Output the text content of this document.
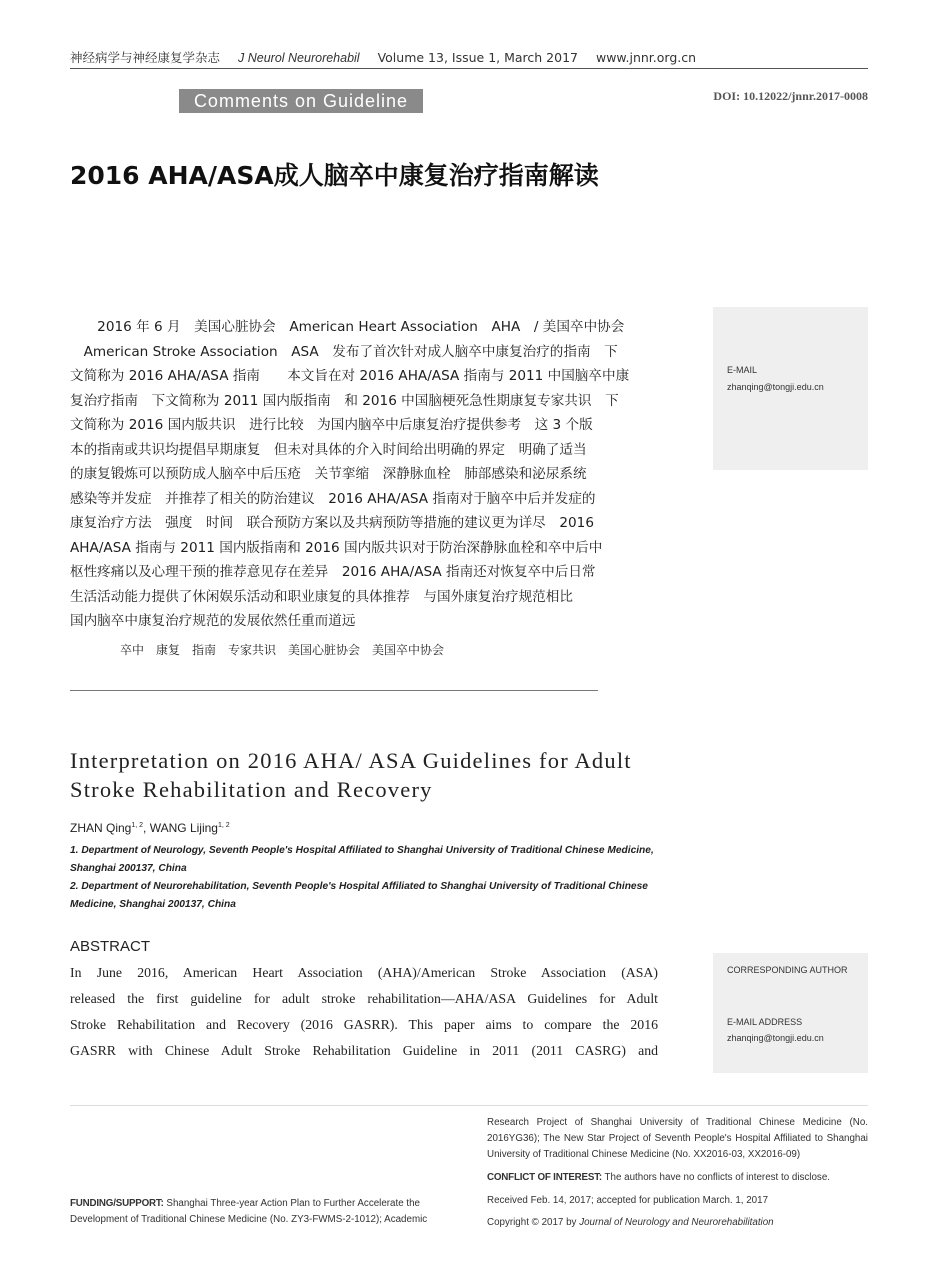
神经病学与神经康复学杂志 J Neurol Neurorehabil Volume 13, Issue 1, March 2017 www.jnnr.org.cn
Comments on Guideline	DOI: 10.12022/jnnr.2017-0008
2016 AHA/ASA成人脑卒中康复治疗指南解读
　　2016 年 6 月　美国心脏协会　American Heart Association　AHA　/ 美国卒中协会
　American Stroke Association　ASA　发布了首次针对成人脑卒中康复治疗的指南　下
文简称为 2016 AHA/ASA 指南　　本文旨在对 2016 AHA/ASA 指南与 2011 中国脑卒中康
复治疗指南　下文简称为 2011 国内版指南　和 2016 中国脑梗死急性期康复专家共识　下
文简称为 2016 国内版共识　进行比较　为国内脑卒中后康复治疗提供参考　这 3 个版
本的指南或共识均提倡早期康复　但未对具体的介入时间给出明确的界定　明确了适当
的康复锻炼可以预防成人脑卒中后压疮　关节挛缩　深静脉血栓　肺部感染和泌尿系统
感染等并发症　并推荐了相关的防治建议　2016 AHA/ASA 指南对于脑卒中后并发症的
康复治疗方法　强度　时间　联合预防方案以及共病预防等措施的建议更为详尽　2016
AHA/ASA 指南与 2011 国内版指南和 2016 国内版共识对于防治深静脉血栓和卒中后中
枢性疼痛以及心理干预的推荐意见存在差异　2016 AHA/ASA 指南还对恢复卒中后日常
生活活动能力提供了休闲娱乐活动和职业康复的具体推荐　与国外康复治疗规范相比
国内脑卒中康复治疗规范的发展依然任重而道远
卒中　康复　指南　专家共识　美国心脏协会　美国卒中协会
E-MAIL
zhanqing@tongji.edu.cn
Interpretation on 2016 AHA/ ASA Guidelines for Adult
Stroke Rehabilitation and Recovery
ZHAN Qing$^{1, 2}$, WANG Lijing$^{1, 2}$
1. Department of Neurology, Seventh People's Hospital Affiliated to Shanghai University of Traditional Chinese Medicine, Shanghai 200137, China
2. Department of Neurorehabilitation, Seventh People's Hospital Affiliated to Shanghai University of Traditional Chinese Medicine, Shanghai 200137, China
ABSTRACT
In June 2016, American Heart Association (AHA)/American Stroke Association (ASA)
released the first guideline for adult stroke rehabilitation—AHA/ASA Guidelines for Adult
Stroke Rehabilitation and Recovery (2016 GASRR). This paper aims to compare the 2016
GASRR with Chinese Adult Stroke Rehabilitation Guideline in 2011 (2011 CASRG) and
CORRESPONDING AUTHOR
E-MAIL ADDRESS
zhanqing@tongji.edu.cn
FUNDING/SUPPORT: Shanghai Three-year Action Plan to Further Accelerate the Development of Traditional Chinese Medicine (No. ZY3-FWMS-2-1012); Academic
Research Project of Shanghai University of Traditional Chinese Medicine (No. 2016YG36); The New Star Project of Seventh People's Hospital Affiliated to Shanghai University of Traditional Chinese Medicine (No. XX2016-03, XX2016-09)
CONFLICT OF INTEREST: The authors have no conflicts of interest to disclose.
Received Feb. 14, 2017; accepted for publication March. 1, 2017
Copyright © 2017 by Journal of Neurology and Neurorehabilitation
